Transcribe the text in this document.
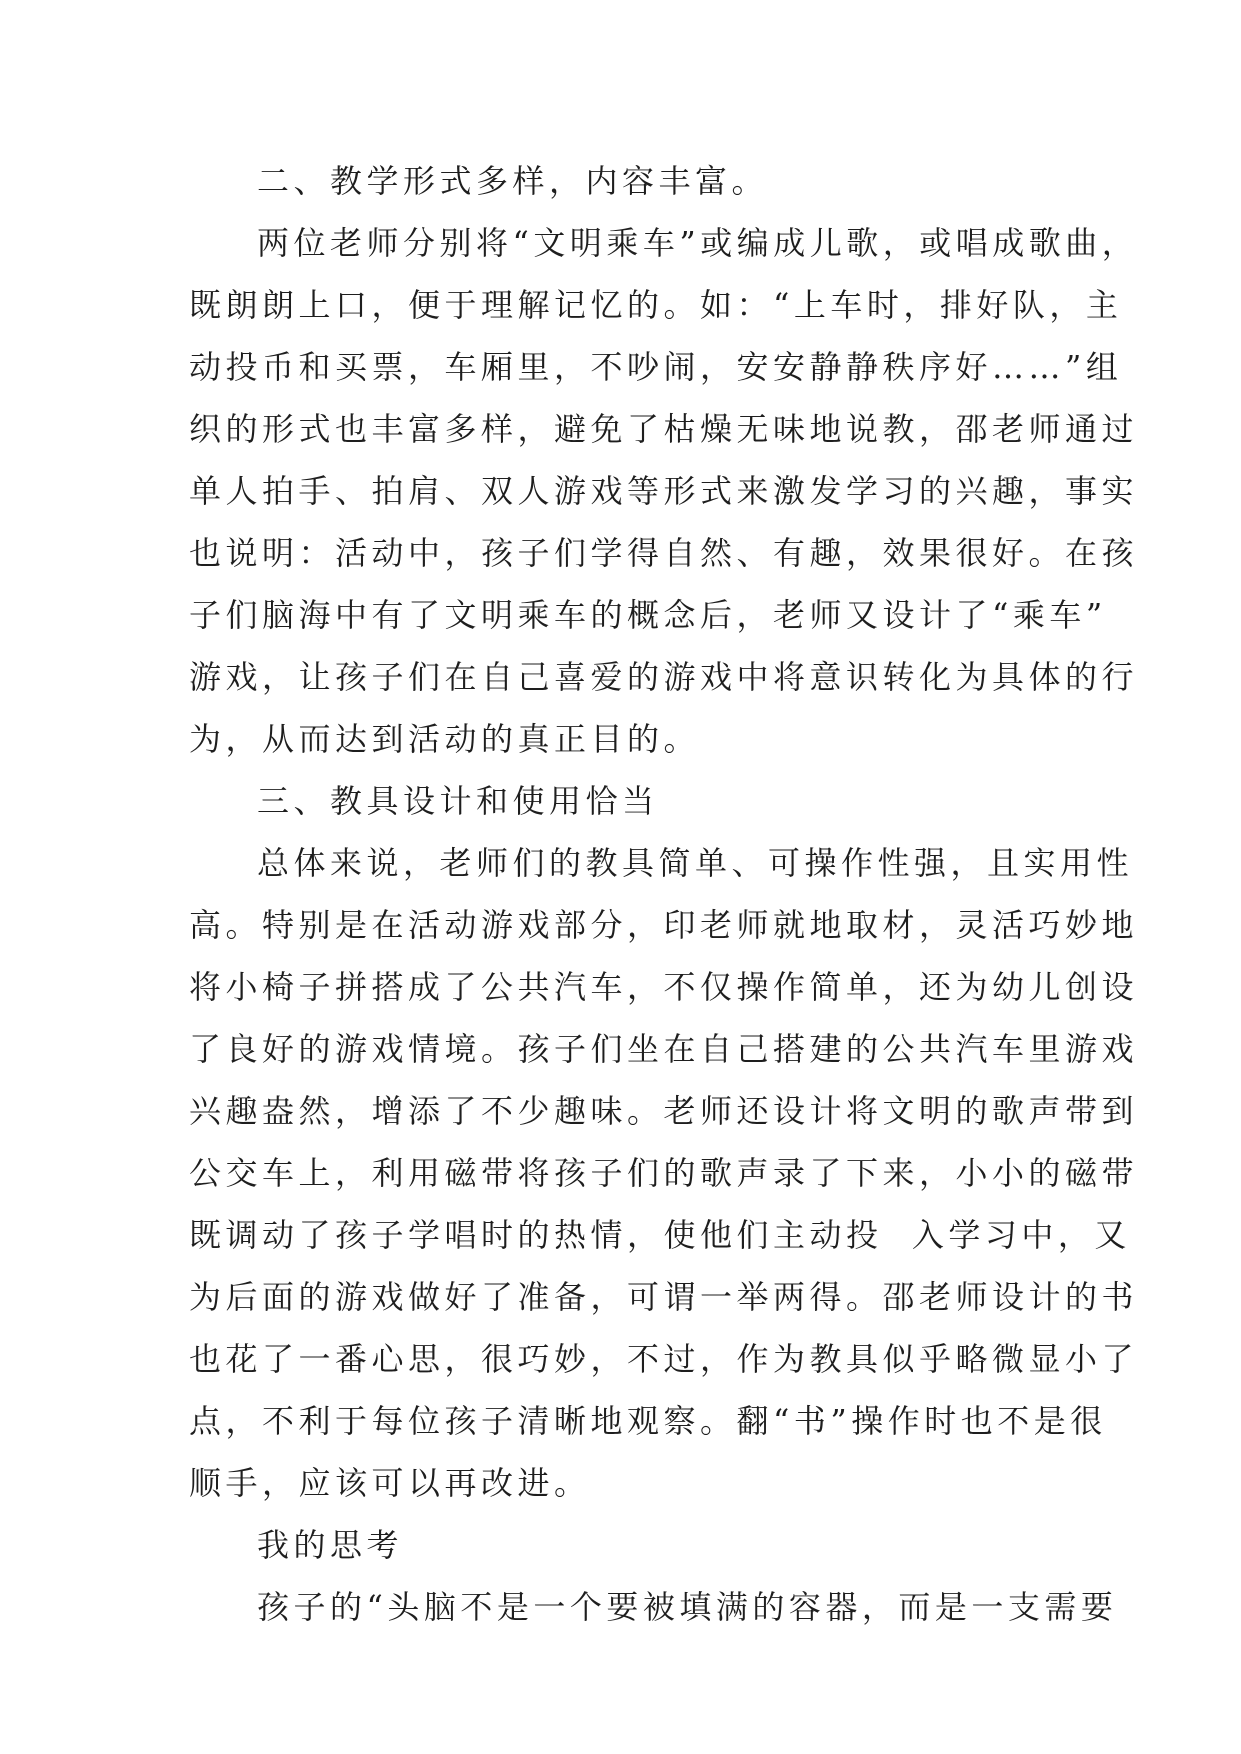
二、教学形式多样，内容丰富。
两位老师分别将“文明乘车”或编成儿歌，或唱成歌曲，
既朗朗上口，便于理解记忆的。如：“上车时，排好队，主
动投币和买票，车厢里，不吵闹，安安静静秩序好……”组
织的形式也丰富多样，避免了枯燥无味地说教，邵老师通过
单人拍手、拍肩、双人游戏等形式来激发学习的兴趣，事实
也说明：活动中，孩子们学得自然、有趣，效果很好。在孩
子们脑海中有了文明乘车的概念后，老师又设计了“乘车”
游戏，让孩子们在自己喜爱的游戏中将意识转化为具体的行
为，从而达到活动的真正目的。
三、教具设计和使用恰当
总体来说，老师们的教具简单、可操作性强，且实用性
高。特别是在活动游戏部分，印老师就地取材，灵活巧妙地
将小椅子拼搭成了公共汽车，不仅操作简单，还为幼儿创设
了良好的游戏情境。孩子们坐在自己搭建的公共汽车里游戏
兴趣盎然，增添了不少趣味。老师还设计将文明的歌声带到
公交车上，利用磁带将孩子们的歌声录了下来，小小的磁带
既调动了孩子学唱时的热情，使他们主动投  入学习中，又
为后面的游戏做好了准备，可谓一举两得。邵老师设计的书
也花了一番心思，很巧妙，不过，作为教具似乎略微显小了
点，不利于每位孩子清晰地观察。翻“书”操作时也不是很
顺手，应该可以再改进。
我的思考
孩子的“头脑不是一个要被填满的容器，而是一支需要
